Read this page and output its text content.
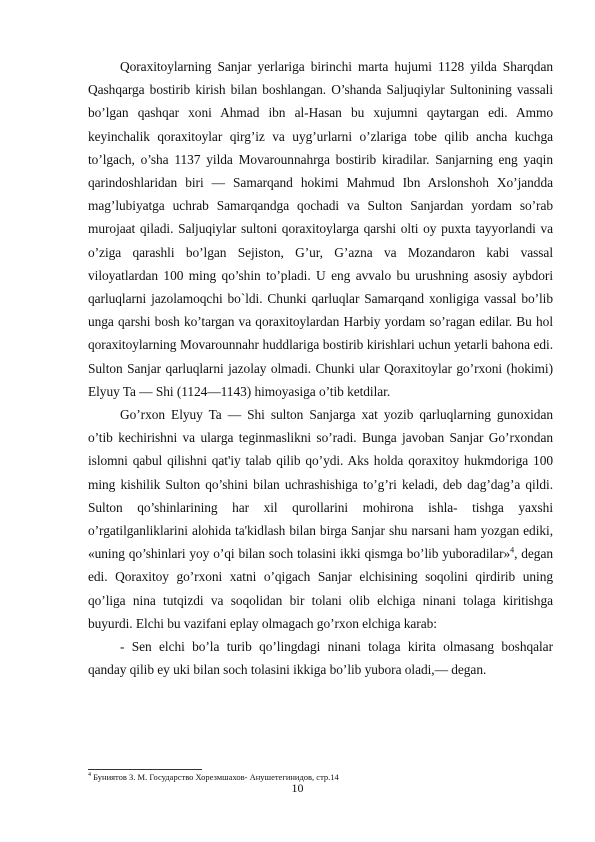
Qoraxitoylarning Sanjar yerlariga birinchi marta hujumi 1128 yilda Sharqdan Qashqarga bostirib kirish bilan boshlangan. O’shanda Saljuqiylar Sultonining vassali bo’lgan qashqar xoni Ahmad ibn al-Hasan bu xujumni qaytargan edi. Ammo keyinchalik qoraxitoylar qirg’iz va uyg’urlarni o’zlariga tobe qilib ancha kuchga to’lgach, o’sha 1137 yilda Movarounnahrga bostirib kiradilar. Sanjarning eng yaqin qarindoshlaridan biri — Samarqand hokimi Mahmud Ibn Arslonshoh Xo’jandda mag’lubiyatga uchrab Samarqandga qochadi va Sulton Sanjardan yordam so’rab murojaat qiladi. Saljuqiylar sultoni qoraxitoylarga qarshi olti oy puxta tayyorlandi va o’ziga qarashli bo’lgan Sejiston, G’ur, G’azna va Mozandaron kabi vassal viloyatlardan 100 ming qo’shin to’pladi. U eng avvalo bu urushning asosiy aybdori qarluqlarni jazolamoqchi bo`ldi. Chunki qarluqlar Samarqand xonligiga vassal bo’lib unga qarshi bosh ko’targan va qoraxitoylardan Harbiy yordam so’ragan edilar. Bu hol qoraxitoylarning Movarounnahr huddlariga bostirib kirishlari uchun yetarli bahona edi. Sulton Sanjar qarluqlarni jazolay olmadi. Chunki ular Qoraxitoylar go’rxoni (hokimi) Elyuy Ta — Shi (1124—1143) himoyasiga o’tib ketdilar.

Go’rxon Elyuy Ta — Shi sulton Sanjarga xat yozib qarluqlarning gunoxidan o’tib kechirishni va ularga teginmaslikni so’radi. Bunga javoban Sanjar Go’rxondan islomni qabul qilishni qat'iy talab qilib qo’ydi. Aks holda qoraxitoy hukmdoriga 100 ming kishilik Sulton qo’shini bilan uchrashishiga to’g’ri keladi, deb dag’dag’a qildi. Sulton qo’shinlarining har xil qurollarini mohirona ishla- tishga yaxshi o’rgatilganliklarini alohida ta'kidlash bilan birga Sanjar shu narsani ham yozgan ediki, «uning qo’shinlari yoy o’qi bilan soch tolasini ikki qismga bo’lib yuboradilar»$^4$, degan edi. Qoraxitoy go’rxoni xatni o’qigach Sanjar elchisining soqolini qirdirib uning qo’liga nina tutqizdi va soqolidan bir tolani olib elchiga ninani tolaga kiritishga buyurdi. Elchi bu vazifani eplay olmagach go’rxon elchiga karab:

- Sen elchi bo’la turib qo’lingdagi ninani tolaga kirita olmasang boshqalar qanday qilib ey uki bilan soch tolasini ikkiga bo’lib yubora oladi,— degan.

$^4$ Буниятов З. М. Государство Хорезмшахов- Анушетегинидов, стр.14
10
